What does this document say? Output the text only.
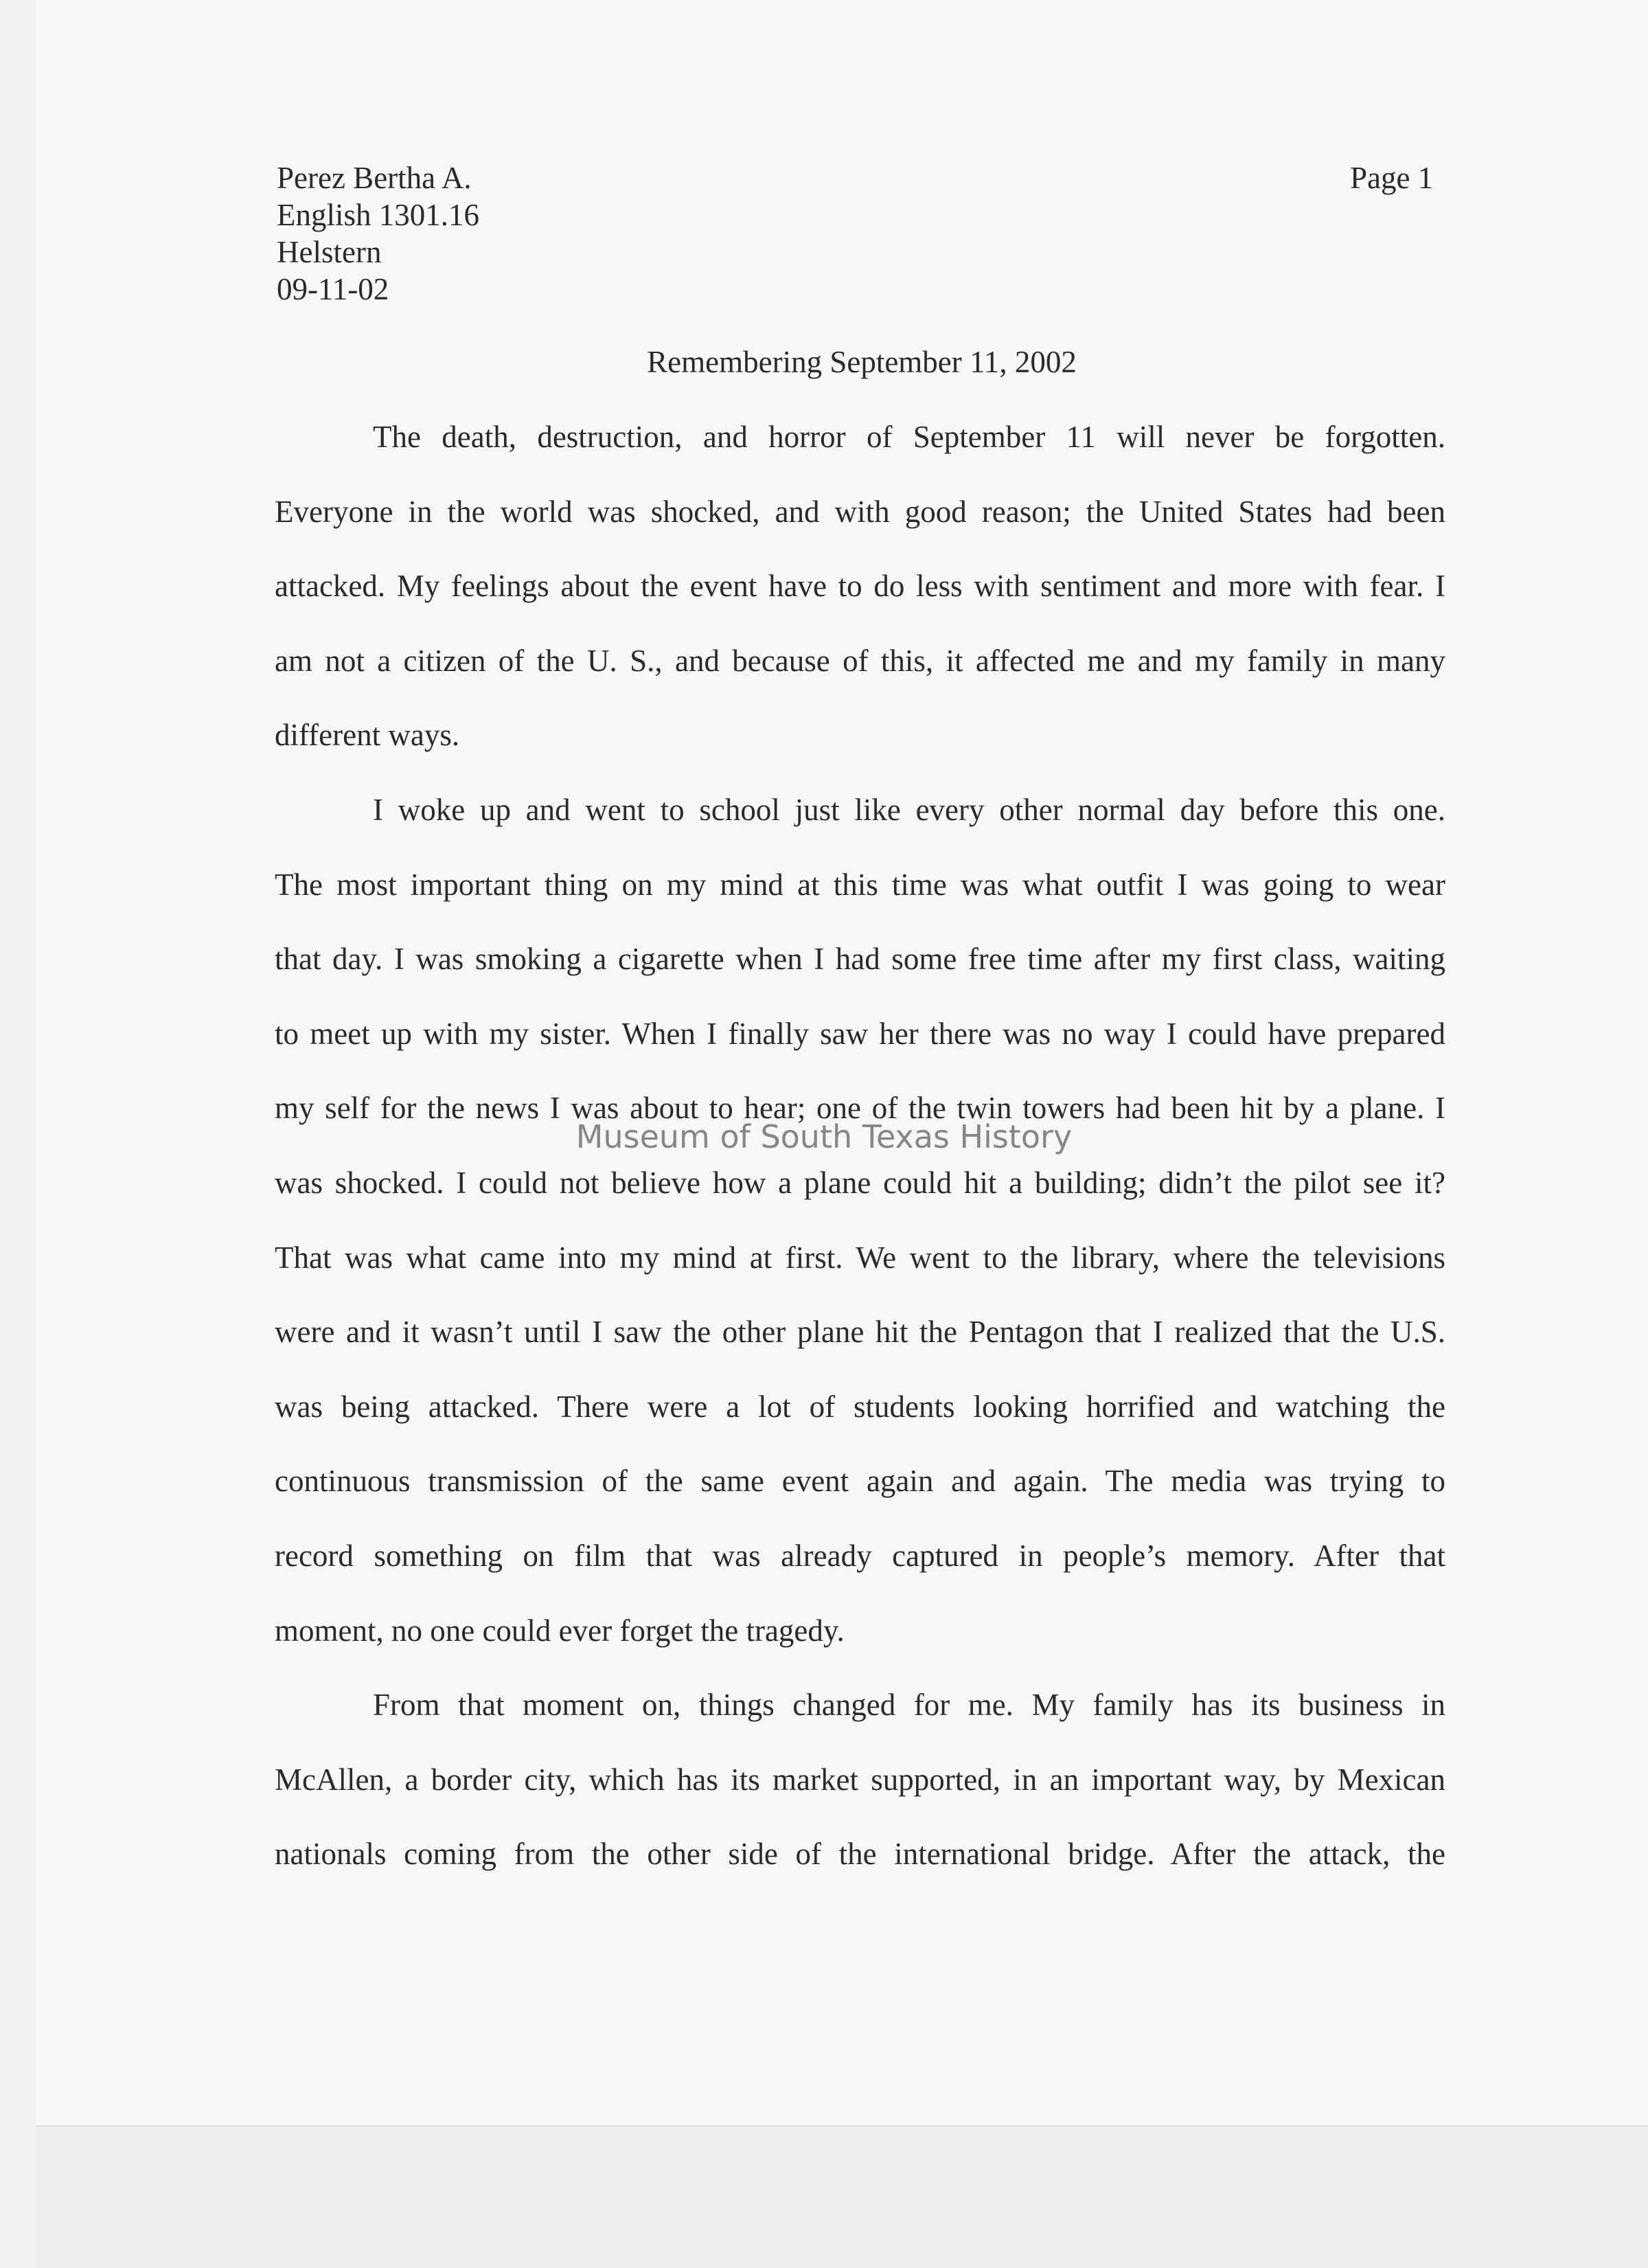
Perez Bertha A.
English 1301.16
Helstern
09-11-02
Page 1
Remembering September 11, 2002
The death, destruction, and horror of September 11 will never be forgotten.
Everyone in the world was shocked, and with good reason; the United States had been
attacked. My feelings about the event have to do less with sentiment and more with fear. I
am not a citizen of the U. S., and because of this, it affected me and my family in many
different ways.
I woke up and went to school just like every other normal day before this one.
The most important thing on my mind at this time was what outfit I was going to wear
that day. I was smoking a cigarette when I had some free time after my first class, waiting
to meet up with my sister. When I finally saw her there was no way I could have prepared
my self for the news I was about to hear; one of the twin towers had been hit by a plane. I
was shocked. I could not believe how a plane could hit a building; didn’t the pilot see it?
That was what came into my mind at first. We went to the library, where the televisions
were and it wasn’t until I saw the other plane hit the Pentagon that I realized that the U.S.
was being attacked. There were a lot of students looking horrified and watching the
continuous transmission of the same event again and again. The media was trying to
record something on film that was already captured in people’s memory. After that
moment, no one could ever forget the tragedy.
From that moment on, things changed for me. My family has its business in
McAllen, a border city, which has its market supported, in an important way, by Mexican
nationals coming from the other side of the international bridge. After the attack, the
Museum of South Texas History
